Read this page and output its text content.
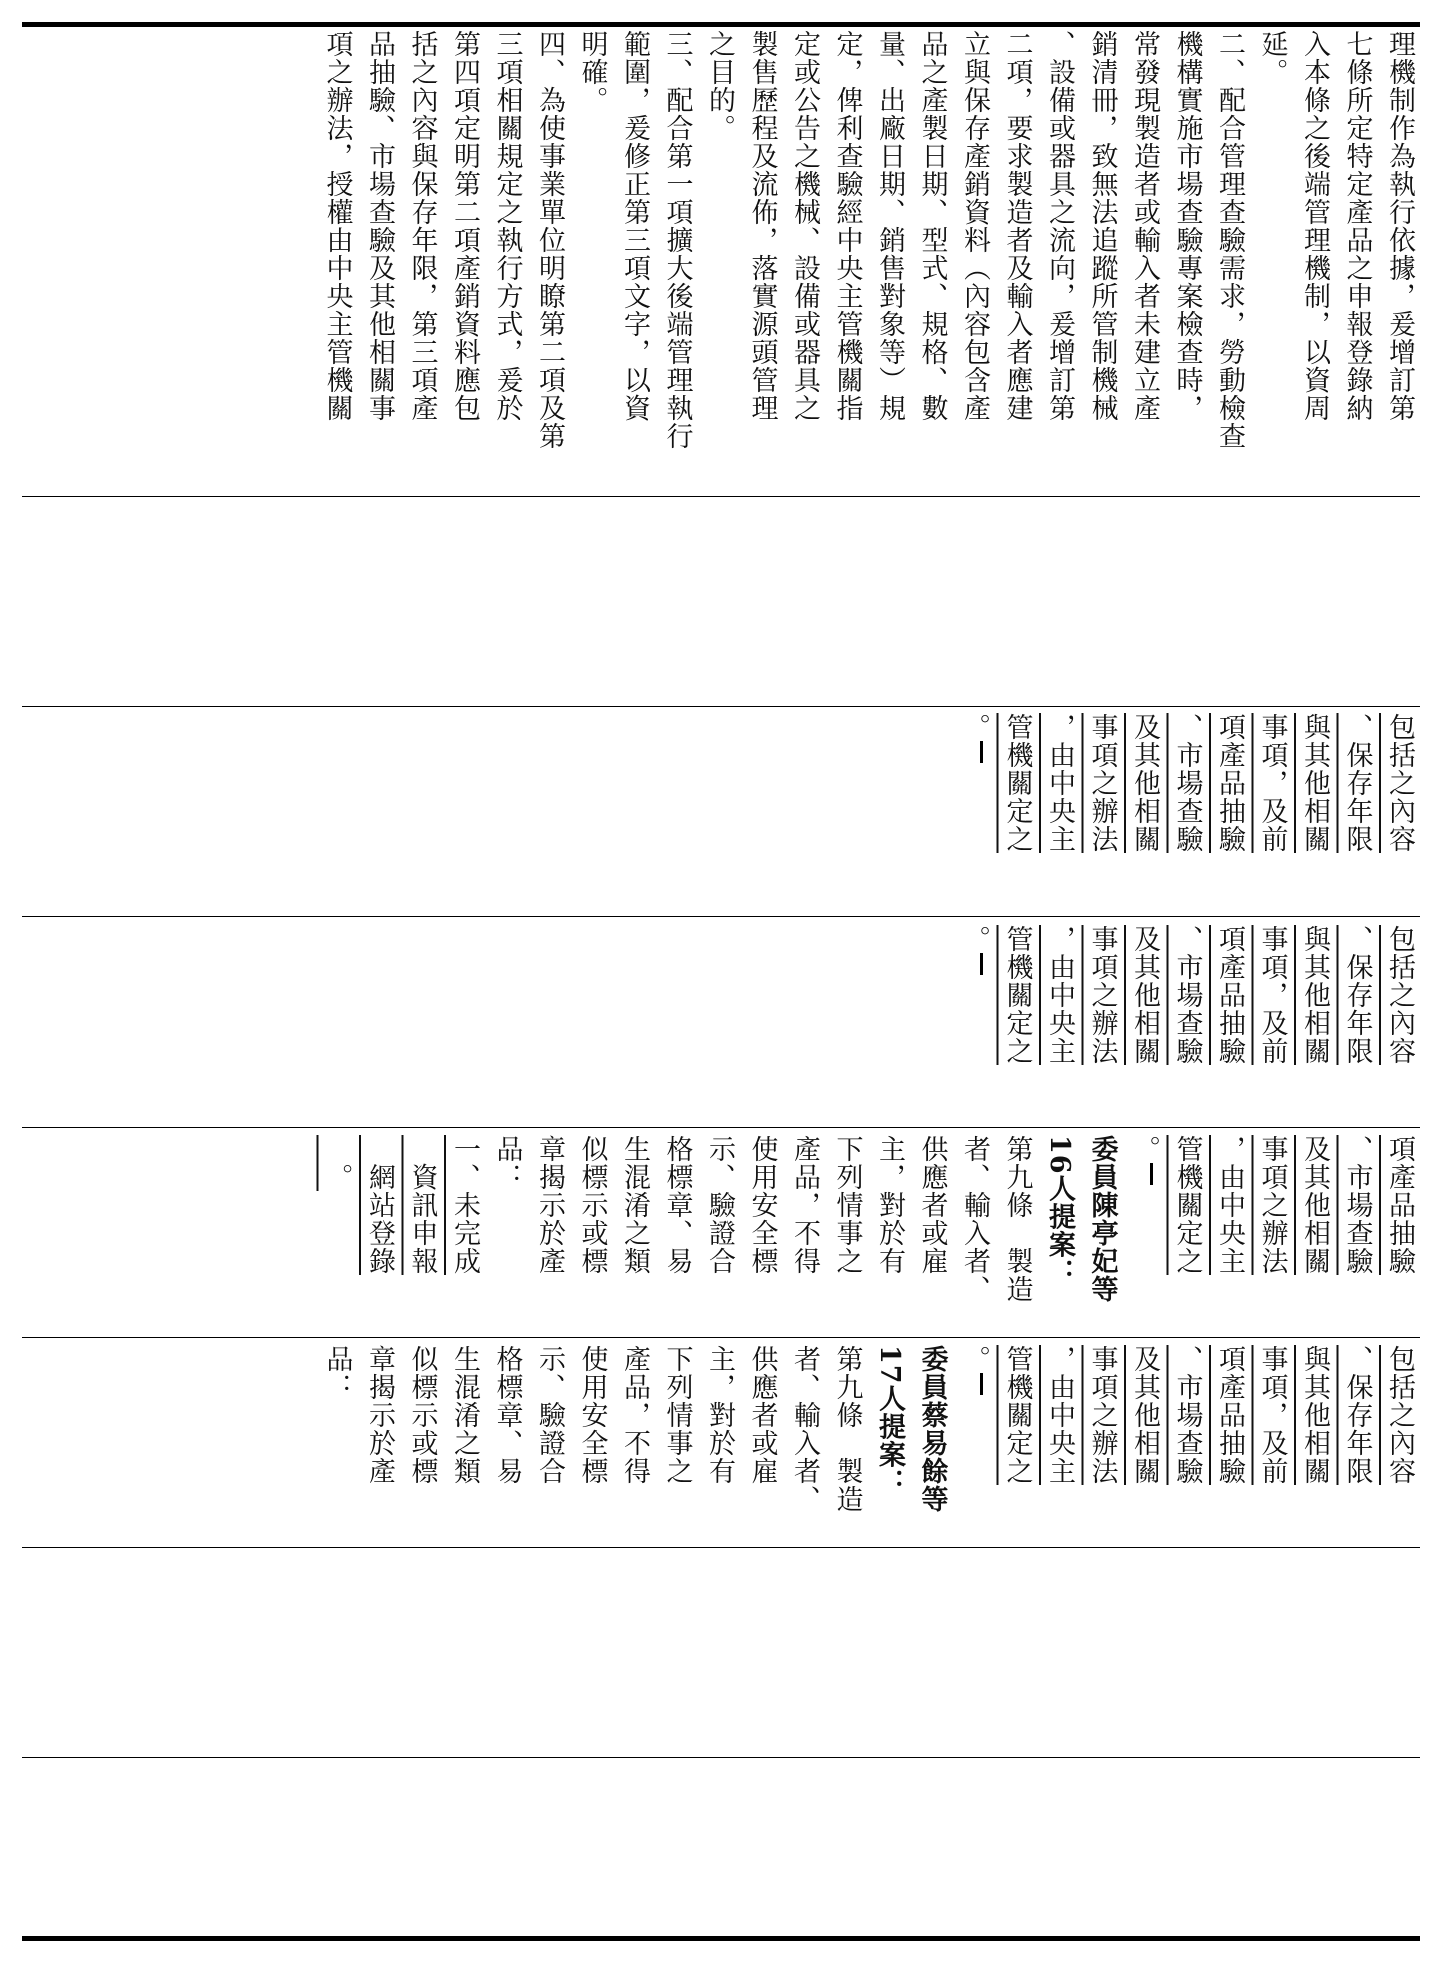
理機制作為執行依據，爰增訂第
七條所定特定產品之申報登錄納
入本條之後端管理機制，以資周
延。
二、配合管理查驗需求，勞動檢查
機構實施市場查驗專案檢查時，
常發現製造者或輸入者未建立產
銷清冊，致無法追蹤所管制機械
、設備或器具之流向，爰增訂第
二項，要求製造者及輸入者應建
立與保存產銷資料（內容包含產
品之產製日期、型式、規格、數
量、出廠日期、銷售對象等）規
定，俾利查驗經中央主管機關指
定或公告之機械、設備或器具之
製售歷程及流佈，落實源頭管理
之目的。
三、配合第一項擴大後端管理執行
範圍，爰修正第三項文字，以資
明確。
四、為使事業單位明瞭第二項及第
三項相關規定之執行方式，爰於
第四項定明第二項產銷資料應包
括之內容與保存年限，第三項產
品抽驗、市場查驗及其他相關事
項之辦法，授權由中央主管機關
包括之內容
、保存年限
與其他相關
事項，及前
項產品抽驗
、市場查驗
及其他相關
事項之辦法
，由中央主
管機關定之
。
包括之內容
、保存年限
與其他相關
事項，及前
項產品抽驗
、市場查驗
及其他相關
事項之辦法
，由中央主
管機關定之
。
項產品抽驗
、市場查驗
及其他相關
事項之辦法
，由中央主
管機關定之
。
委員陳亭妃等
16人提案：
第九條　製造
者、輸入者、
供應者或雇
主，對於有
下列情事之
產品，不得
使用安全標
示、驗證合
格標章、易
生混淆之類
似標示或標
章揭示於產
品：
一、未完成
　資訊申報
　網站登錄
　。
包括之內容
、保存年限
與其他相關
事項，及前
項產品抽驗
、市場查驗
及其他相關
事項之辦法
，由中央主
管機關定之
。
委員蔡易餘等
17人提案：
第九條　製造
者、輸入者、
供應者或雇
主，對於有
下列情事之
產品，不得
使用安全標
示、驗證合
格標章、易
生混淆之類
似標示或標
章揭示於產
品：
